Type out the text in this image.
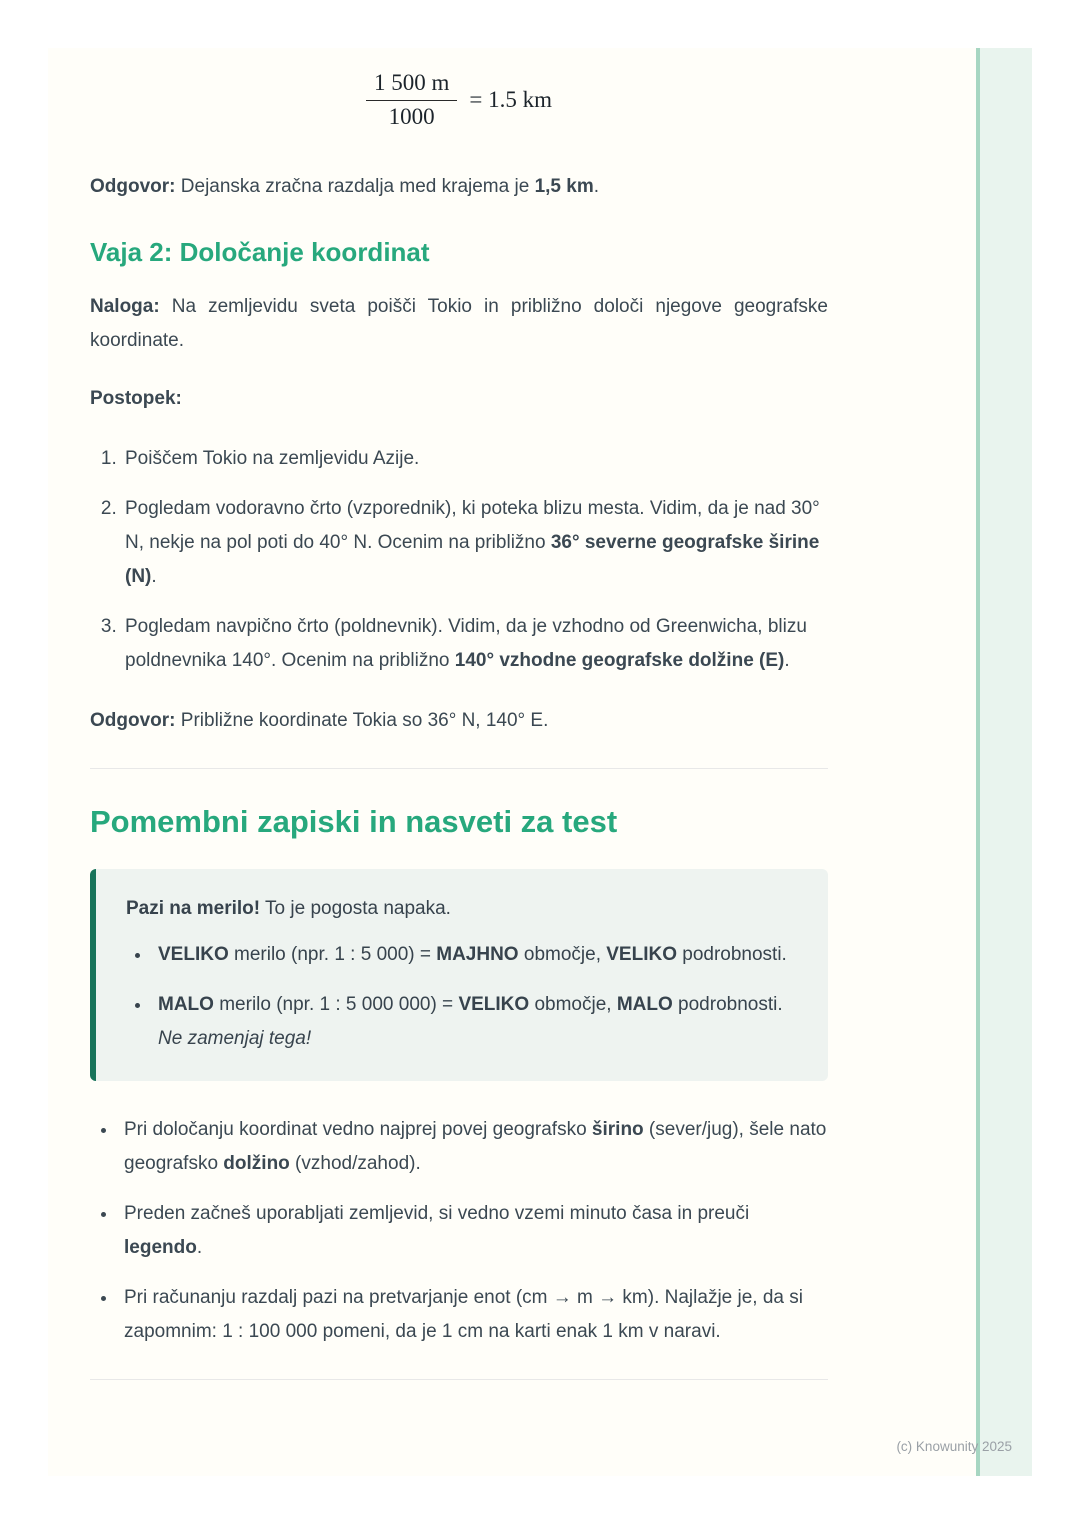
$\frac{1 500 m}{1000} = 1.5$ km

Odgovor: Dejanska zračna razdalja med krajema je 1,5 km.

Vaja 2: Določanje koordinat

Naloga: Na zemljevidu sveta poišči Tokio in približno določi njegove geografske koordinate.

Postopek:

1. Poiščem Tokio na zemljevidu Azije.
2. Pogledam vodoravno črto (vzporednik), ki poteka blizu mesta. Vidim, da je nad 30° N, nekje na pol poti do 40° N. Ocenim na približno 36° severne geografske širine (N).
3. Pogledam navpično črto (poldnevnik). Vidim, da je vzhodno od Greenwicha, blizu poldnevnika 140°. Ocenim na približno 140° vzhodne geografske dolžine (E).

Odgovor: Približne koordinate Tokia so 36° N, 140° E.

Pomembni zapiski in nasveti za test

Pazi na merilo! To je pogosta napaka.

• VELIKO merilo (npr. 1 : 5 000) = MAJHNO območje, VELIKO podrobnosti.
• MALO merilo (npr. 1 : 5 000 000) = VELIKO območje, MALO podrobnosti. Ne zamenjaj tega!
• Pri določanju koordinat vedno najprej povej geografsko širino (sever/jug), šele nato geografsko dolžino (vzhod/zahod).
• Preden začneš uporabljati zemljevid, si vedno vzemi minuto časa in preuči legendo.
• Pri računanju razdalj pazi na pretvarjanje enot (cm → m → km). Najlažje je, da si zapomnim: 1 : 100 000 pomeni, da je 1 cm na karti enak 1 km v naravi.
(c) Knowunity 2025
